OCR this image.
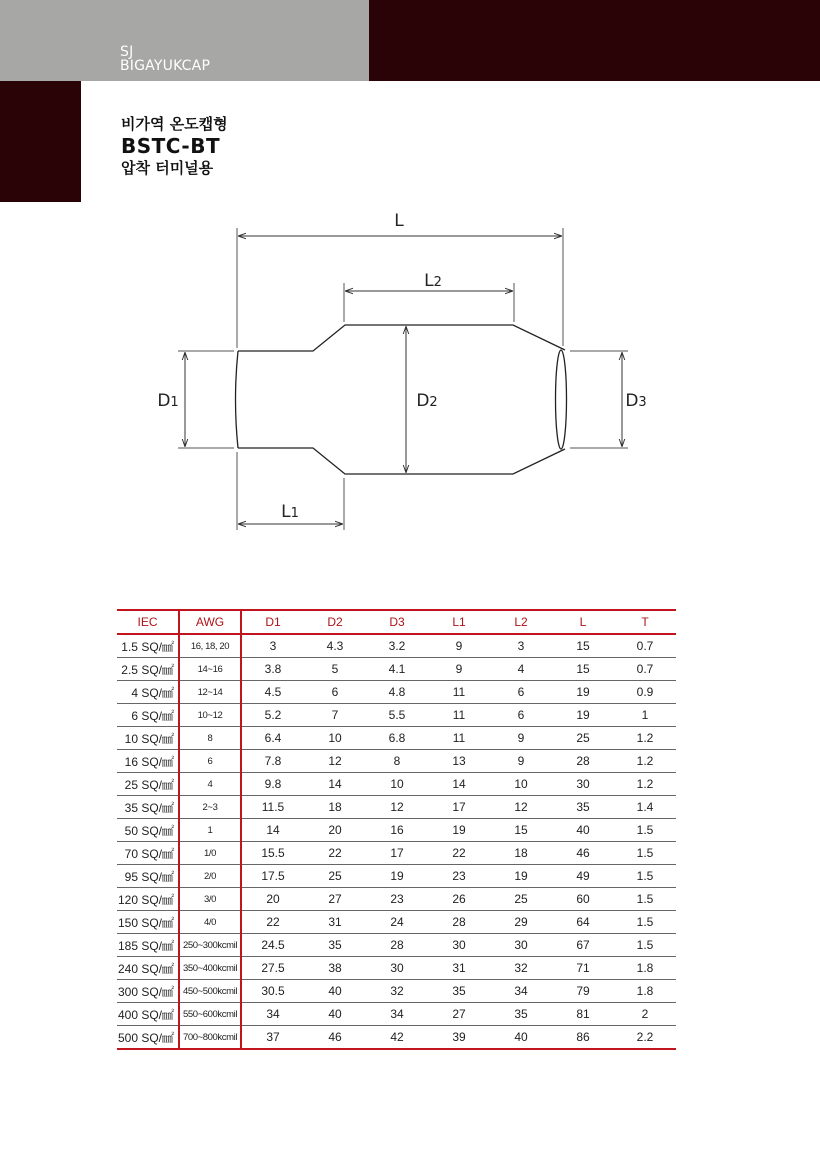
SJ
BIGAYUKCAP
비가역 온도캡형
BSTC-BT
압착 터미널용
L
L2
L1
D1	D2	D3
IEC	AWG	D1	D2	D3	L1	L2	L	T
1.5 SQ/㎟	16, 18, 20	3	4.3	3.2	9	3	15	0.7
2.5 SQ/㎟	14~16	3.8	5	4.1	9	4	15	0.7
4 SQ/㎟	12~14	4.5	6	4.8	11	6	19	0.9
6 SQ/㎟	10~12	5.2	7	5.5	11	6	19	1
10 SQ/㎟	8	6.4	10	6.8	11	9	25	1.2
16 SQ/㎟	6	7.8	12	8	13	9	28	1.2
25 SQ/㎟	4	9.8	14	10	14	10	30	1.2
35 SQ/㎟	2~3	11.5	18	12	17	12	35	1.4
50 SQ/㎟	1	14	20	16	19	15	40	1.5
70 SQ/㎟	1/0	15.5	22	17	22	18	46	1.5
95 SQ/㎟	2/0	17.5	25	19	23	19	49	1.5
120 SQ/㎟	3/0	20	27	23	26	25	60	1.5
150 SQ/㎟	4/0	22	31	24	28	29	64	1.5
185 SQ/㎟	250~300kcmil	24.5	35	28	30	30	67	1.5
240 SQ/㎟	350~400kcmil	27.5	38	30	31	32	71	1.8
300 SQ/㎟	450~500kcmil	30.5	40	32	35	34	79	1.8
400 SQ/㎟	550~600kcmil	34	40	34	27	35	81	2
500 SQ/㎟	700~800kcmil	37	46	42	39	40	86	2.2
